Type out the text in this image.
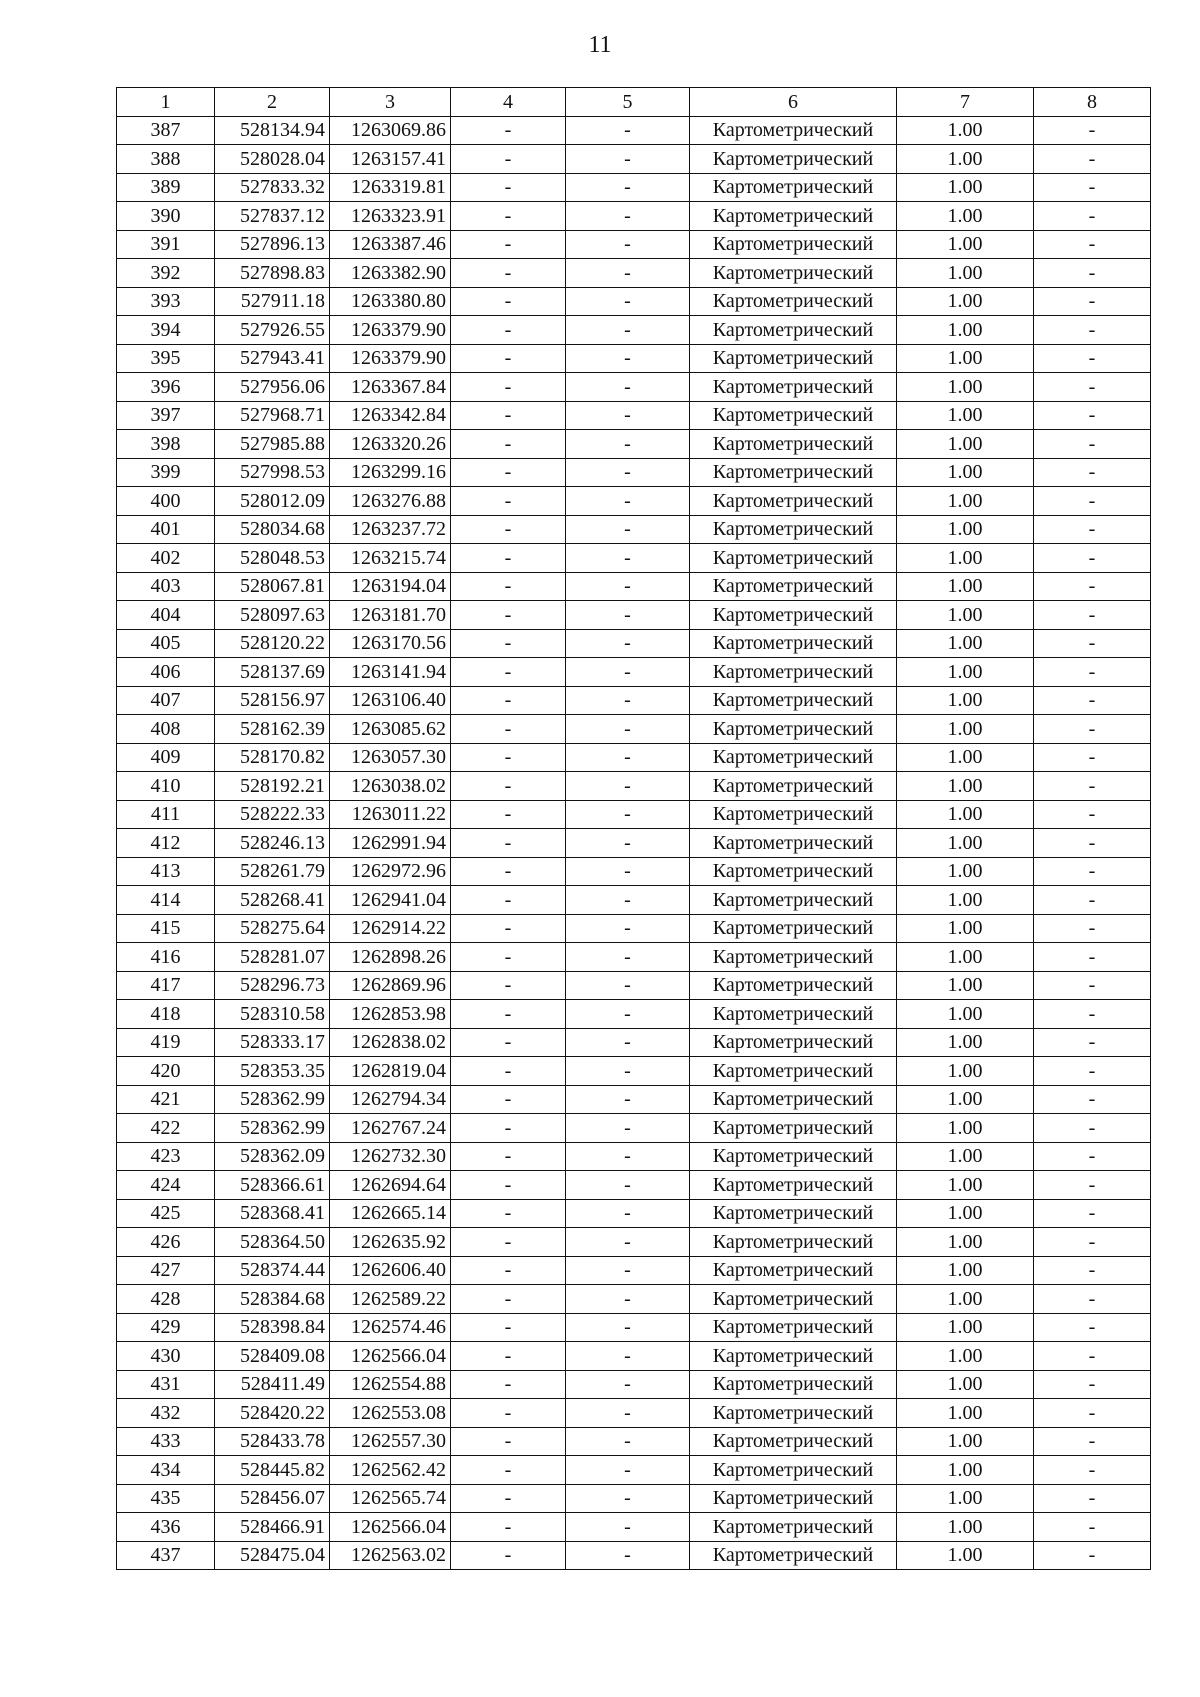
11
1	2	3	4	5	6	7	8
387	528134.94	1263069.86	-	-	Картометрический	1.00	-
388	528028.04	1263157.41	-	-	Картометрический	1.00	-
389	527833.32	1263319.81	-	-	Картометрический	1.00	-
390	527837.12	1263323.91	-	-	Картометрический	1.00	-
391	527896.13	1263387.46	-	-	Картометрический	1.00	-
392	527898.83	1263382.90	-	-	Картометрический	1.00	-
393	527911.18	1263380.80	-	-	Картометрический	1.00	-
394	527926.55	1263379.90	-	-	Картометрический	1.00	-
395	527943.41	1263379.90	-	-	Картометрический	1.00	-
396	527956.06	1263367.84	-	-	Картометрический	1.00	-
397	527968.71	1263342.84	-	-	Картометрический	1.00	-
398	527985.88	1263320.26	-	-	Картометрический	1.00	-
399	527998.53	1263299.16	-	-	Картометрический	1.00	-
400	528012.09	1263276.88	-	-	Картометрический	1.00	-
401	528034.68	1263237.72	-	-	Картометрический	1.00	-
402	528048.53	1263215.74	-	-	Картометрический	1.00	-
403	528067.81	1263194.04	-	-	Картометрический	1.00	-
404	528097.63	1263181.70	-	-	Картометрический	1.00	-
405	528120.22	1263170.56	-	-	Картометрический	1.00	-
406	528137.69	1263141.94	-	-	Картометрический	1.00	-
407	528156.97	1263106.40	-	-	Картометрический	1.00	-
408	528162.39	1263085.62	-	-	Картометрический	1.00	-
409	528170.82	1263057.30	-	-	Картометрический	1.00	-
410	528192.21	1263038.02	-	-	Картометрический	1.00	-
411	528222.33	1263011.22	-	-	Картометрический	1.00	-
412	528246.13	1262991.94	-	-	Картометрический	1.00	-
413	528261.79	1262972.96	-	-	Картометрический	1.00	-
414	528268.41	1262941.04	-	-	Картометрический	1.00	-
415	528275.64	1262914.22	-	-	Картометрический	1.00	-
416	528281.07	1262898.26	-	-	Картометрический	1.00	-
417	528296.73	1262869.96	-	-	Картометрический	1.00	-
418	528310.58	1262853.98	-	-	Картометрический	1.00	-
419	528333.17	1262838.02	-	-	Картометрический	1.00	-
420	528353.35	1262819.04	-	-	Картометрический	1.00	-
421	528362.99	1262794.34	-	-	Картометрический	1.00	-
422	528362.99	1262767.24	-	-	Картометрический	1.00	-
423	528362.09	1262732.30	-	-	Картометрический	1.00	-
424	528366.61	1262694.64	-	-	Картометрический	1.00	-
425	528368.41	1262665.14	-	-	Картометрический	1.00	-
426	528364.50	1262635.92	-	-	Картометрический	1.00	-
427	528374.44	1262606.40	-	-	Картометрический	1.00	-
428	528384.68	1262589.22	-	-	Картометрический	1.00	-
429	528398.84	1262574.46	-	-	Картометрический	1.00	-
430	528409.08	1262566.04	-	-	Картометрический	1.00	-
431	528411.49	1262554.88	-	-	Картометрический	1.00	-
432	528420.22	1262553.08	-	-	Картометрический	1.00	-
433	528433.78	1262557.30	-	-	Картометрический	1.00	-
434	528445.82	1262562.42	-	-	Картометрический	1.00	-
435	528456.07	1262565.74	-	-	Картометрический	1.00	-
436	528466.91	1262566.04	-	-	Картометрический	1.00	-
437	528475.04	1262563.02	-	-	Картометрический	1.00	-
